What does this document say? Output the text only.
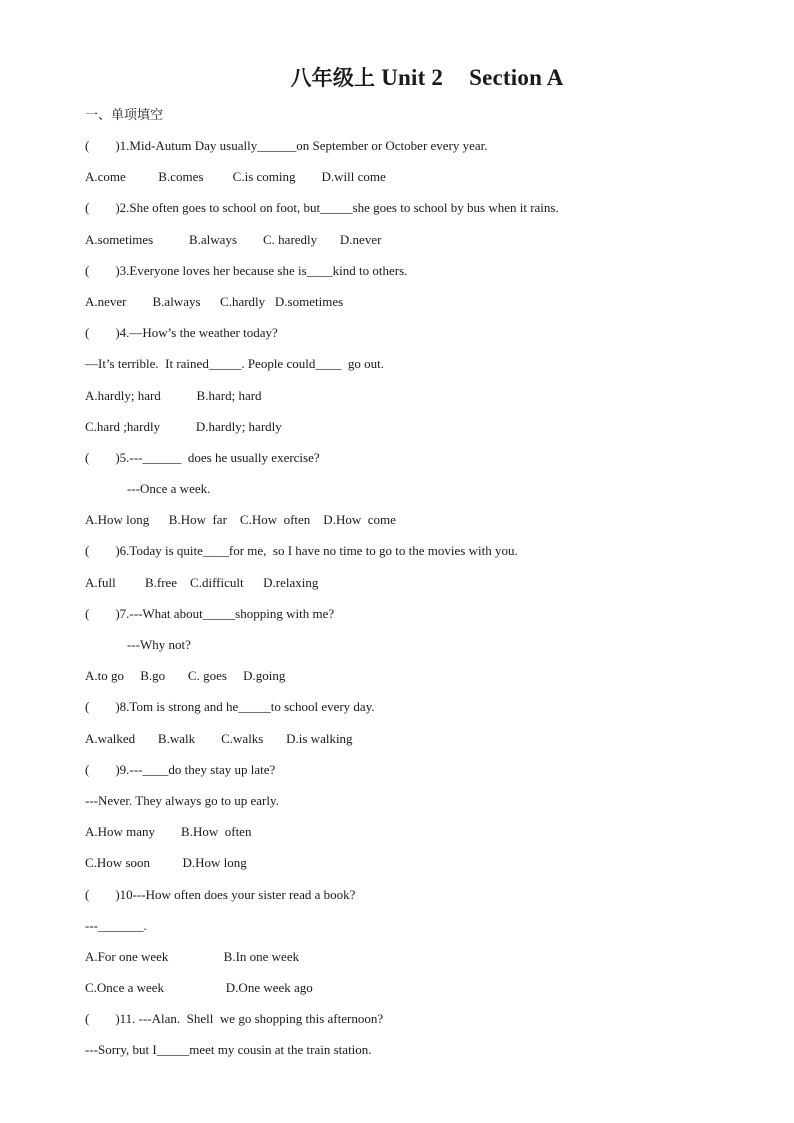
八年级上 Unit 2 Section A
一、单项填空
(        )1.Mid-Autum Day usually______on September or October every year.
A.come          B.comes         C.is coming        D.will come
(        )2.She often goes to school on foot, but_____she goes to school by bus when it rains.
A.sometimes           B.always        C. haredly       D.never
(        )3.Everyone loves her because she is____kind to others.
A.never        B.always      C.hardly   D.sometimes
(        )4.—How’s the weather today?
—It’s terrible.  It rained_____. People could____  go out.
A.hardly; hard           B.hard; hard
C.hard ;hardly           D.hardly; hardly
(        )5.---______  does he usually exercise?
---Once a week.
A.How long      B.How  far    C.How  often    D.How  come
(        )6.Today is quite____for me,  so I have no time to go to the movies with you.
A.full         B.free    C.difficult      D.relaxing
(        )7.---What about_____shopping with me?
---Why not?
A.to go     B.go       C. goes     D.going
(        )8.Tom is strong and he_____to school every day.
A.walked       B.walk        C.walks       D.is walking
(        )9.---____do they stay up late?
---Never. They always go to up early.
A.How many        B.How  often
C.How soon          D.How long
(        )10---How often does your sister read a book?
---_______.
A.For one week                 B.In one week
C.Once a week                   D.One week ago
(        )11. ---Alan.  Shell  we go shopping this afternoon?
---Sorry, but I_____meet my cousin at the train station.
